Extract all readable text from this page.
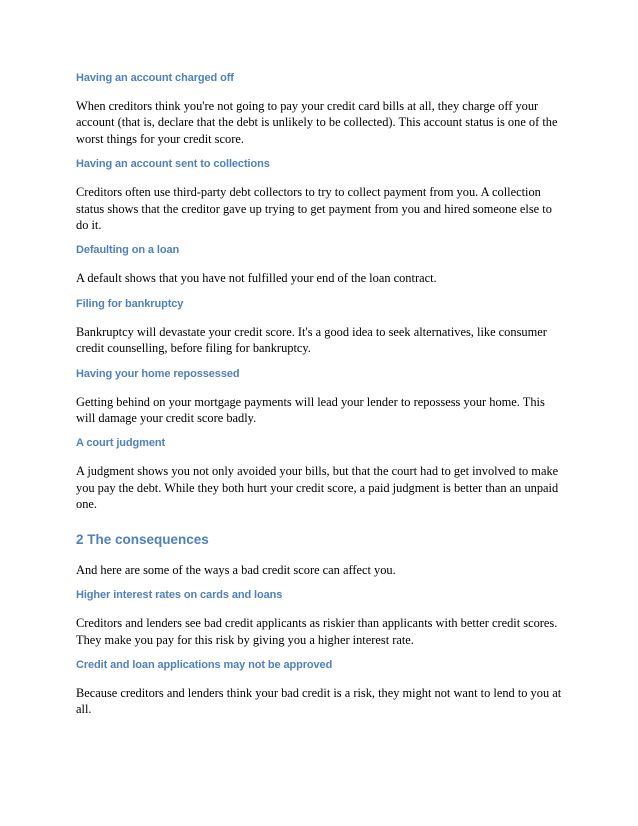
Having an account charged off

When creditors think you're not going to pay your credit card bills at all, they charge off your account (that is, declare that the debt is unlikely to be collected). This account status is one of the worst things for your credit score.

Having an account sent to collections

Creditors often use third-party debt collectors to try to collect payment from you. A collection status shows that the creditor gave up trying to get payment from you and hired someone else to do it.

Defaulting on a loan

A default shows that you have not fulfilled your end of the loan contract.

Filing for bankruptcy

Bankruptcy will devastate your credit score. It's a good idea to seek alternatives, like consumer credit counselling, before filing for bankruptcy.

Having your home repossessed

Getting behind on your mortgage payments will lead your lender to repossess your home. This will damage your credit score badly.

A court judgment

A judgment shows you not only avoided your bills, but that the court had to get involved to make you pay the debt. While they both hurt your credit score, a paid judgment is better than an unpaid one.

2 The consequences

And here are some of the ways a bad credit score can affect you.

Higher interest rates on cards and loans

Creditors and lenders see bad credit applicants as riskier than applicants with better credit scores. They make you pay for this risk by giving you a higher interest rate.

Credit and loan applications may not be approved

Because creditors and lenders think your bad credit is a risk, they might not want to lend to you at all.
